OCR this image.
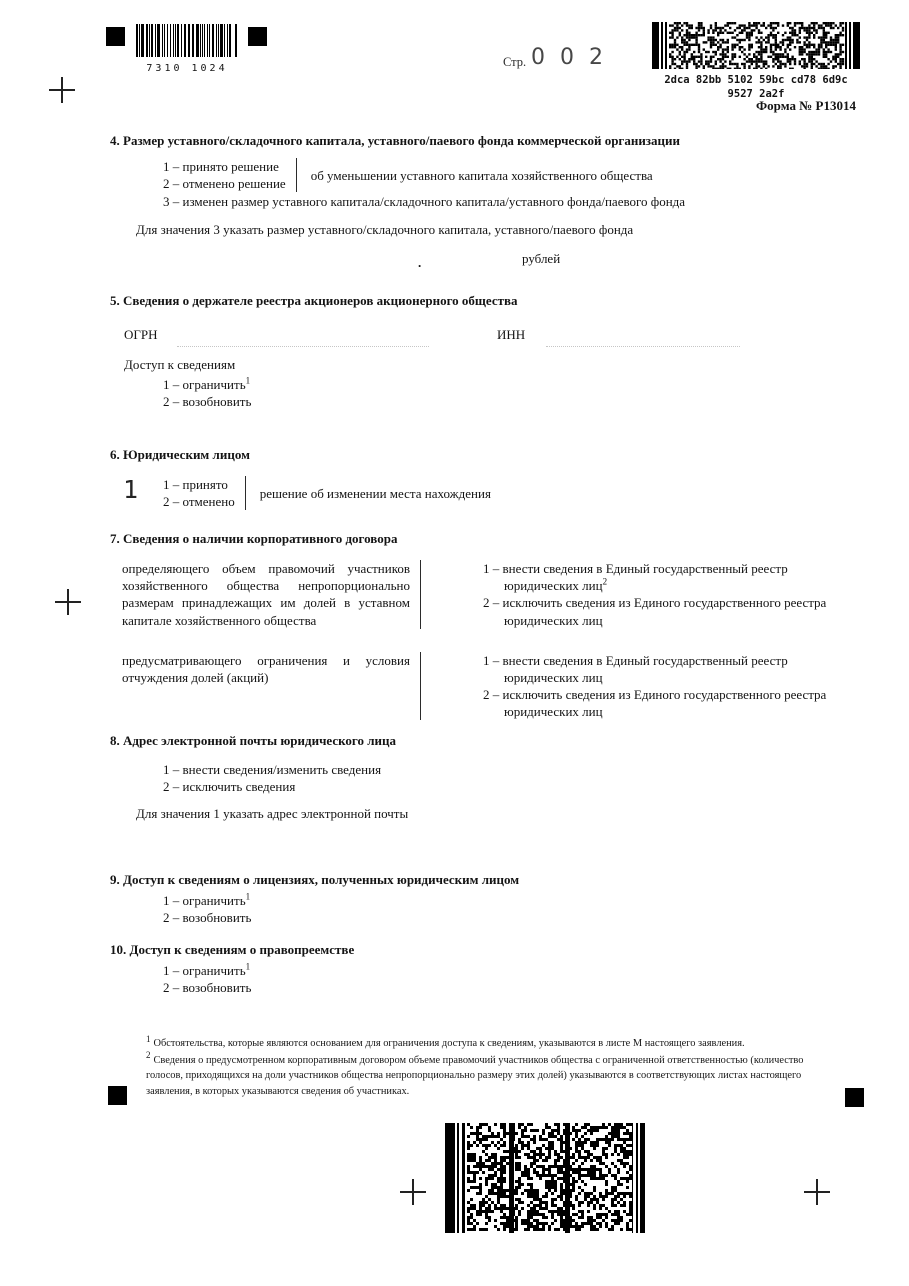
7310 1024	Стр. 0 0 2
2dca 82bb 5102 59bc cd78 6d9c 9527 2a2f
Форма № Р13014
4. Размер уставного/складочного капитала, уставного/паевого фонда коммерческой организации
1 – принято решение
2 – отменено решение
об уменьшении уставного капитала хозяйственного общества
3 – изменен размер уставного капитала/складочного капитала/уставного фонда/паевого фонда
Для значения 3 указать размер уставного/складочного капитала, уставного/паевого фонда
.	рублей
5. Сведения о держателе реестра акционеров акционерного общества
ОГРН	ИНН
Доступ к сведениям
1 – ограничить$^1$
2 – возобновить
6. Юридическим лицом
1	1 – принято
2 – отменено
решение об изменении места нахождения
7. Сведения о наличии корпоративного договора
определяющего объем правомочий участников хозяйственного общества непропорционально размерам принадлежащих им долей в уставном капитале хозяйственного общества
1 – внести сведения в Единый государственный реестр
юридических лиц$^2$
2 – исключить сведения из Единого государственного реестра
юридических лиц
предусматривающего ограничения и условия отчуждения долей (акций)
1 – внести сведения в Единый государственный реестр
юридических лиц
2 – исключить сведения из Единого государственного реестра
юридических лиц
8. Адрес электронной почты юридического лица
1 – внести сведения/изменить сведения
2 – исключить сведения
Для значения 1 указать адрес электронной почты
9. Доступ к сведениям о лицензиях, полученных юридическим лицом
1 – ограничить$^1$
2 – возобновить
10. Доступ к сведениям о правопреемстве
1 – ограничить$^1$
2 – возобновить
$^1$ Обстоятельства, которые являются основанием для ограничения доступа к сведениям, указываются в листе М настоящего заявления.
$^2$ Сведения о предусмотренном корпоративным договором объеме правомочий участников общества с ограниченной ответственностью (количество голосов, приходящихся на доли участников общества непропорционально размеру этих долей) указываются в соответствующих листах настоящего заявления, в которых указываются сведения об участниках.
